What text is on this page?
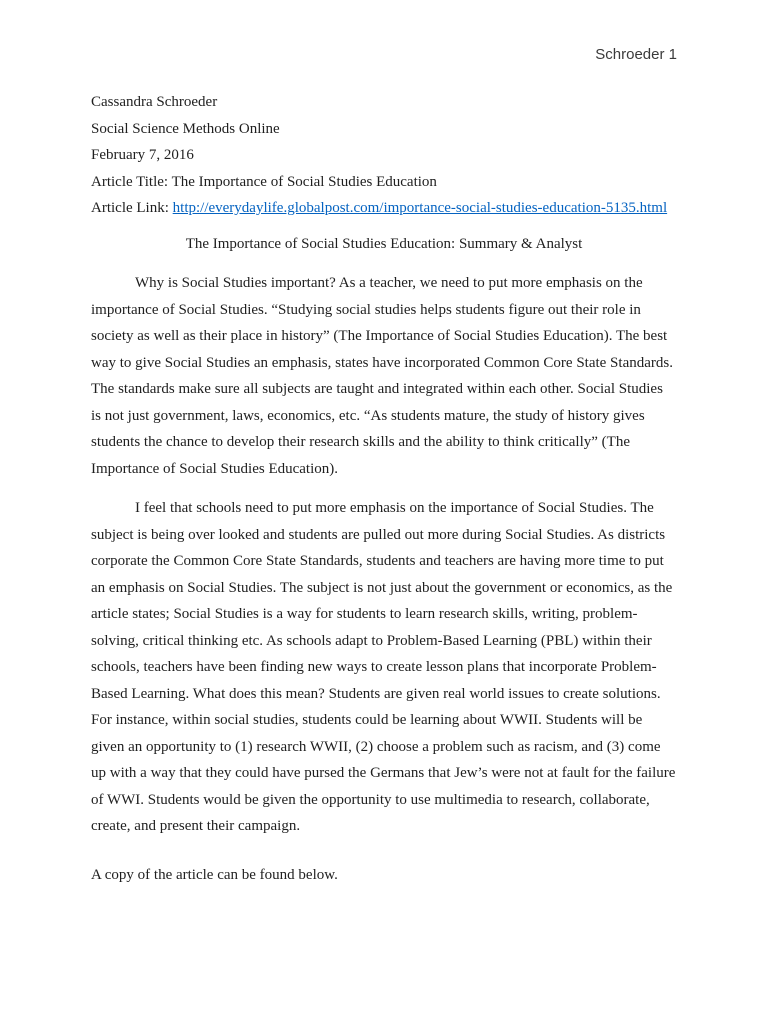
Schroeder 1
Cassandra Schroeder
Social Science Methods Online
February 7, 2016
Article Title: The Importance of Social Studies Education
Article Link: http://everydaylife.globalpost.com/importance-social-studies-education-5135.html
The Importance of Social Studies Education: Summary & Analyst
Why is Social Studies important? As a teacher, we need to put more emphasis on the
importance of Social Studies. “Studying social studies helps students figure out their role in
society as well as their place in history” (The Importance of Social Studies Education). The best
way to give Social Studies an emphasis, states have incorporated Common Core State Standards.
The standards make sure all subjects are taught and integrated within each other. Social Studies
is not just government, laws, economics, etc. “As students mature, the study of history gives
students the chance to develop their research skills and the ability to think critically” (The
Importance of Social Studies Education).
I feel that schools need to put more emphasis on the importance of Social Studies. The
subject is being over looked and students are pulled out more during Social Studies. As districts
corporate the Common Core State Standards, students and teachers are having more time to put
an emphasis on Social Studies. The subject is not just about the government or economics, as the
article states; Social Studies is a way for students to learn research skills, writing, problem-
solving, critical thinking etc. As schools adapt to Problem-Based Learning (PBL) within their
schools, teachers have been finding new ways to create lesson plans that incorporate Problem-
Based Learning. What does this mean? Students are given real world issues to create solutions.
For instance, within social studies, students could be learning about WWII. Students will be
given an opportunity to (1) research WWII, (2) choose a problem such as racism, and (3) come
up with a way that they could have pursed the Germans that Jew’s were not at fault for the failure
of WWI. Students would be given the opportunity to use multimedia to research, collaborate,
create, and present their campaign.
A copy of the article can be found below.
